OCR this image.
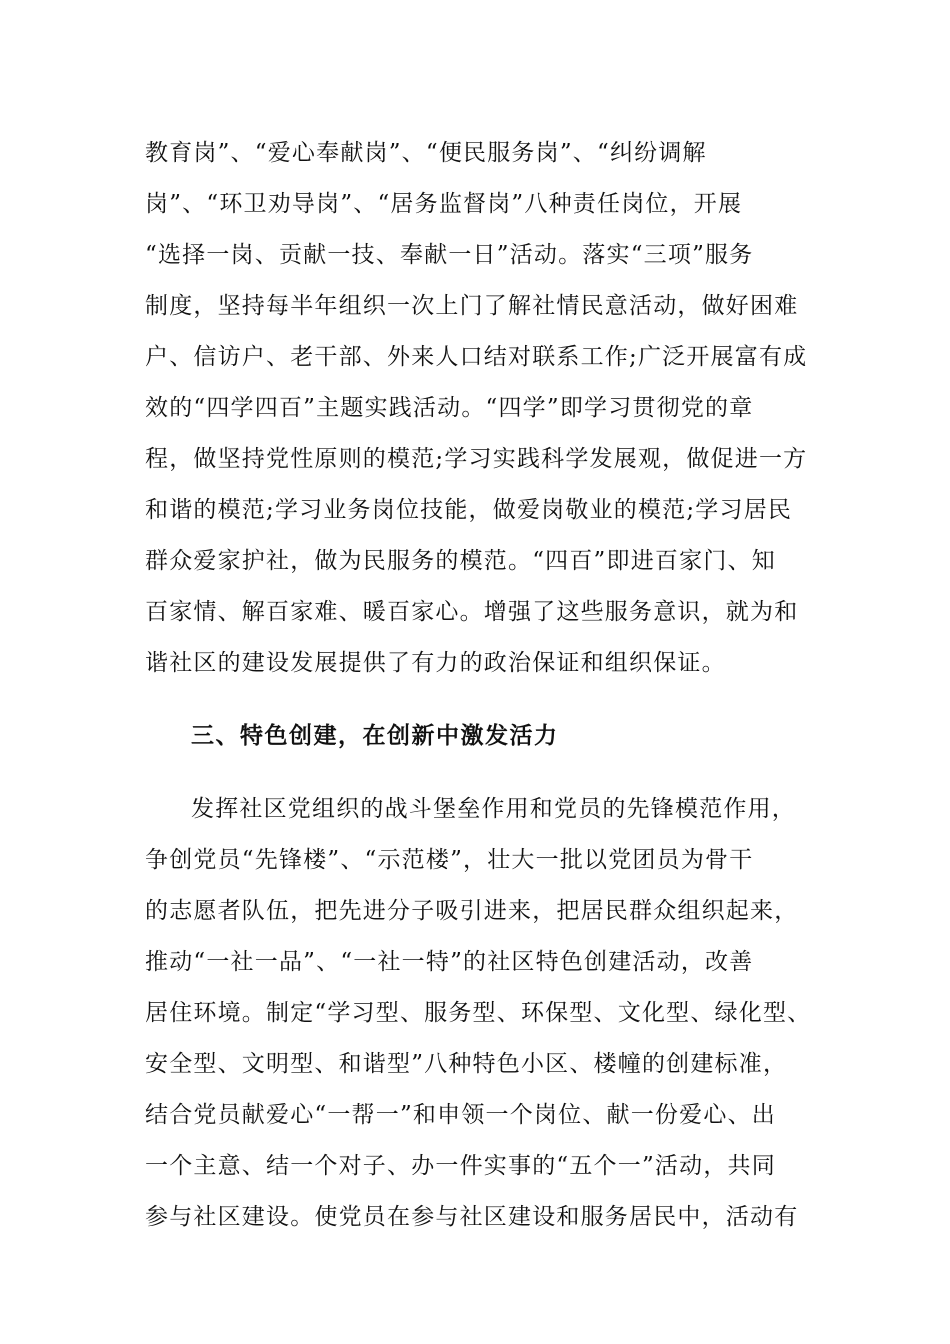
教育岗”、“爱心奉献岗”、“便民服务岗”、“纠纷调解
岗”、“环卫劝导岗”、“居务监督岗”八种责任岗位，开展
“选择一岗、贡献一技、奉献一日”活动。落实“三项”服务
制度，坚持每半年组织一次上门了解社情民意活动，做好困难
户、信访户、老干部、外来人口结对联系工作;广泛开展富有成
效的“四学四百”主题实践活动。“四学”即学习贯彻党的章
程，做坚持党性原则的模范;学习实践科学发展观，做促进一方
和谐的模范;学习业务岗位技能，做爱岗敬业的模范;学习居民
群众爱家护社，做为民服务的模范。“四百”即进百家门、知
百家情、解百家难、暖百家心。增强了这些服务意识，就为和
谐社区的建设发展提供了有力的政治保证和组织保证。
三、特色创建，在创新中激发活力
发挥社区党组织的战斗堡垒作用和党员的先锋模范作用，
争创党员“先锋楼”、“示范楼”，壮大一批以党团员为骨干
的志愿者队伍，把先进分子吸引进来，把居民群众组织起来，
推动“一社一品”、“一社一特”的社区特色创建活动，改善
居住环境。制定“学习型、服务型、环保型、文化型、绿化型、
安全型、文明型、和谐型”八种特色小区、楼幢的创建标准，
结合党员献爱心“一帮一”和申领一个岗位、献一份爱心、出
一个主意、结一个对子、办一件实事的“五个一”活动，共同
参与社区建设。使党员在参与社区建设和服务居民中，活动有
